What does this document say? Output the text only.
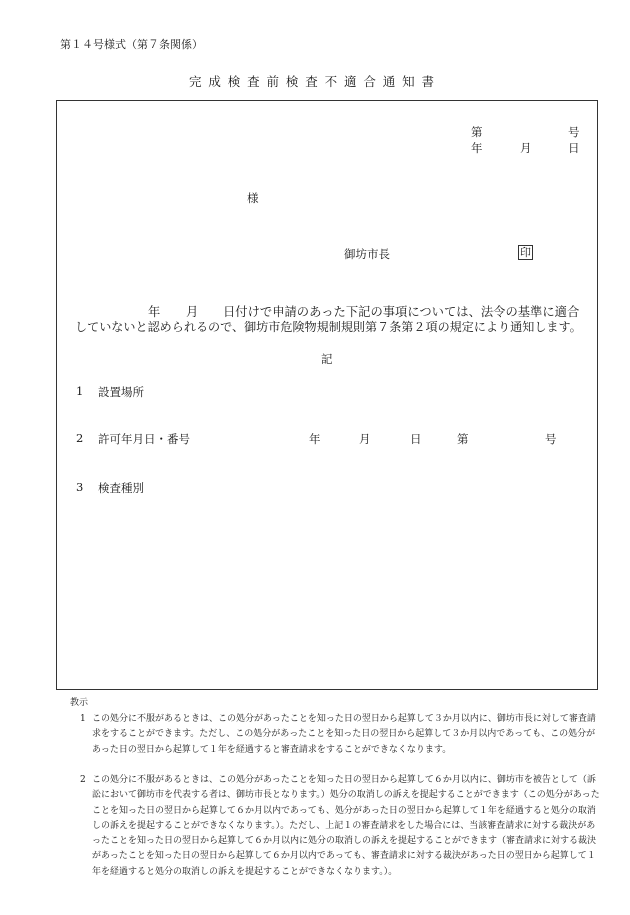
第１４号様式（第７条関係）
完成検査前検査不適合通知書
第	号
年	月	日
様
御坊市長	印
年 月 日付けで申請のあった下記の事項については、法令の基準に適合
していないと認められるので、御坊市危険物規制規則第７条第２項の規定により通知します。
記
1 設置場所
2 許可年月日・番号	年	月	日	第	号
3 検査種別
教示
1 この処分に不服があるときは、この処分があったことを知った日の翌日から起算して３か月以内に、御坊市長に対して審査請求をすることができます。ただし、この処分があったことを知った日の翌日から起算して３か月以内であっても、この処分があった日の翌日から起算して１年を経過すると審査請求をすることができなくなります。
2 この処分に不服があるときは、この処分があったことを知った日の翌日から起算して６か月以内に、御坊市を被告として（訴訟において御坊市を代表する者は、御坊市長となります。）処分の取消しの訴えを提起することができます（この処分があったことを知った日の翌日から起算して６か月以内であっても、処分があった日の翌日から起算して１年を経過すると処分の取消しの訴えを提起することができなくなります。）。ただし、上記１の審査請求をした場合には、当該審査請求に対する裁決があったことを知った日の翌日から起算して６か月以内に処分の取消しの訴えを提起することができます（審査請求に対する裁決があったことを知った日の翌日から起算して６か月以内であっても、審査請求に対する裁決があった日の翌日から起算して１年を経過すると処分の取消しの訴えを提起することができなくなります。）。
